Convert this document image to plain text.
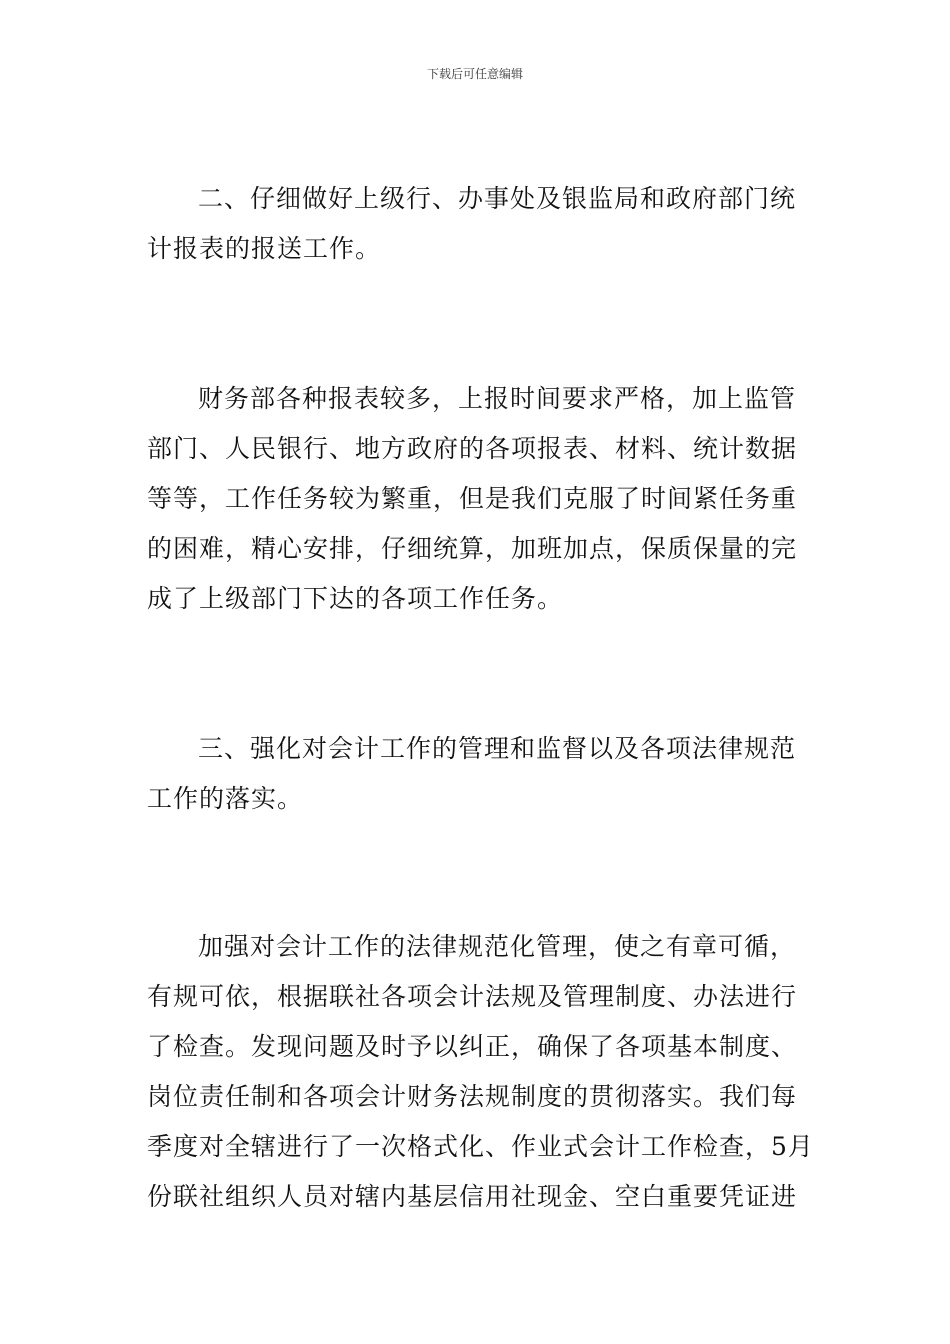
下载后可任意编辑
二、仔细做好上级行、办事处及银监局和政府部门统
计报表的报送工作。
财务部各种报表较多，上报时间要求严格，加上监管
部门、人民银行、地方政府的各项报表、材料、统计数据
等等，工作任务较为繁重，但是我们克服了时间紧任务重
的困难，精心安排，仔细统算，加班加点，保质保量的完
成了上级部门下达的各项工作任务。
三、强化对会计工作的管理和监督以及各项法律规范
工作的落实。
加强对会计工作的法律规范化管理，使之有章可循，
有规可依，根据联社各项会计法规及管理制度、办法进行
了检查。发现问题及时予以纠正，确保了各项基本制度、
岗位责任制和各项会计财务法规制度的贯彻落实。我们每
季度对全辖进行了一次格式化、作业式会计工作检查，5月
份联社组织人员对辖内基层信用社现金、空白重要凭证进
